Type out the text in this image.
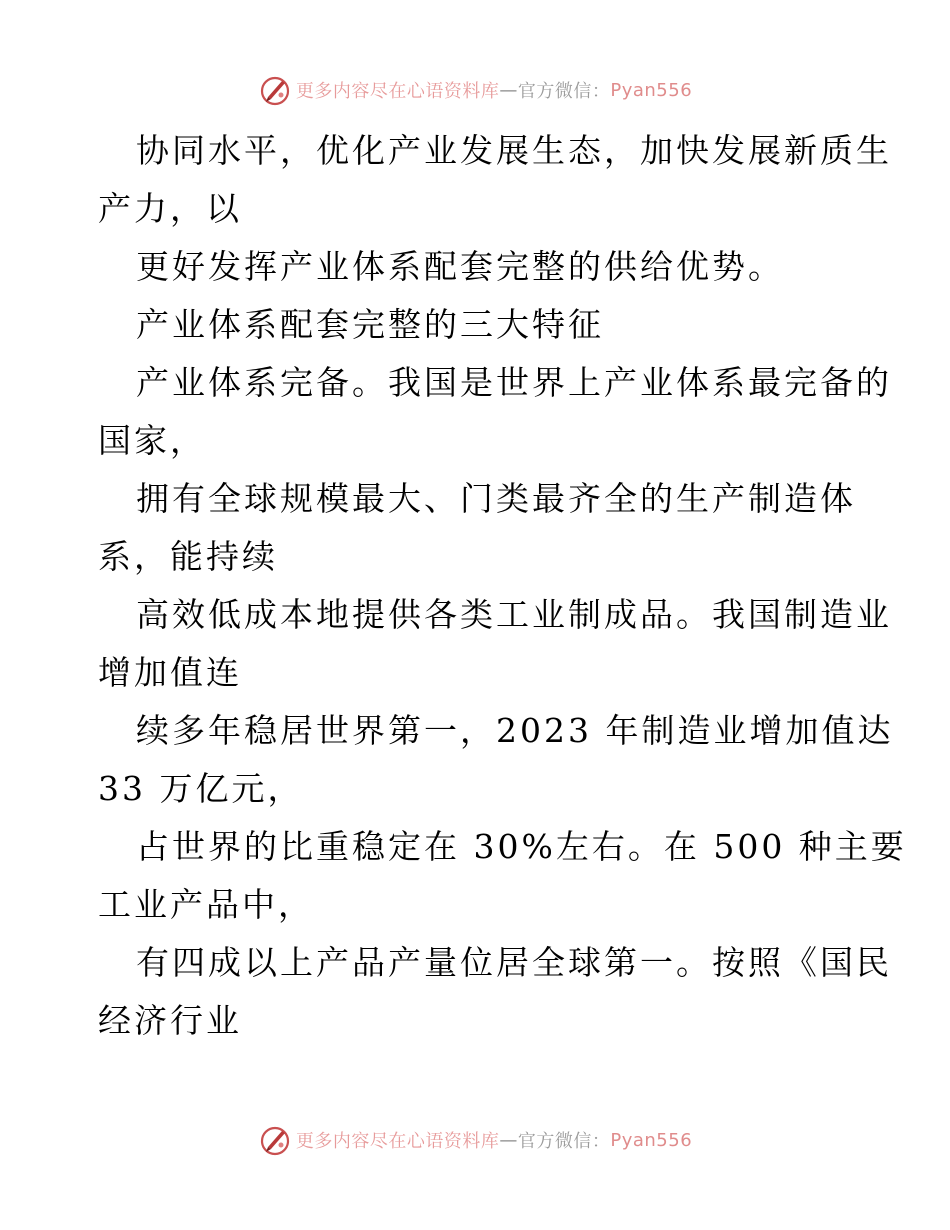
更多内容尽在心语资料库 — 官方微信： Pyan556

协同水平，优化产业发展生态，加快发展新质生

产力，以

更好发挥产业体系配套完整的供给优势。

产业体系配套完整的三大特征

产业体系完备。我国是世界上产业体系最完备的

国家，

拥有全球规模最大、门类最齐全的生产制造体

系，能持续

高效低成本地提供各类工业制成品。我国制造业

增加值连

续多年稳居世界第一，2023 年制造业增加值达

33 万亿元，

占世界的比重稳定在 30%左右。在 500 种主要

工业产品中，

有四成以上产品产量位居全球第一。按照《国民

经济行业

更多内容尽在心语资料库 — 官方微信： Pyan556
